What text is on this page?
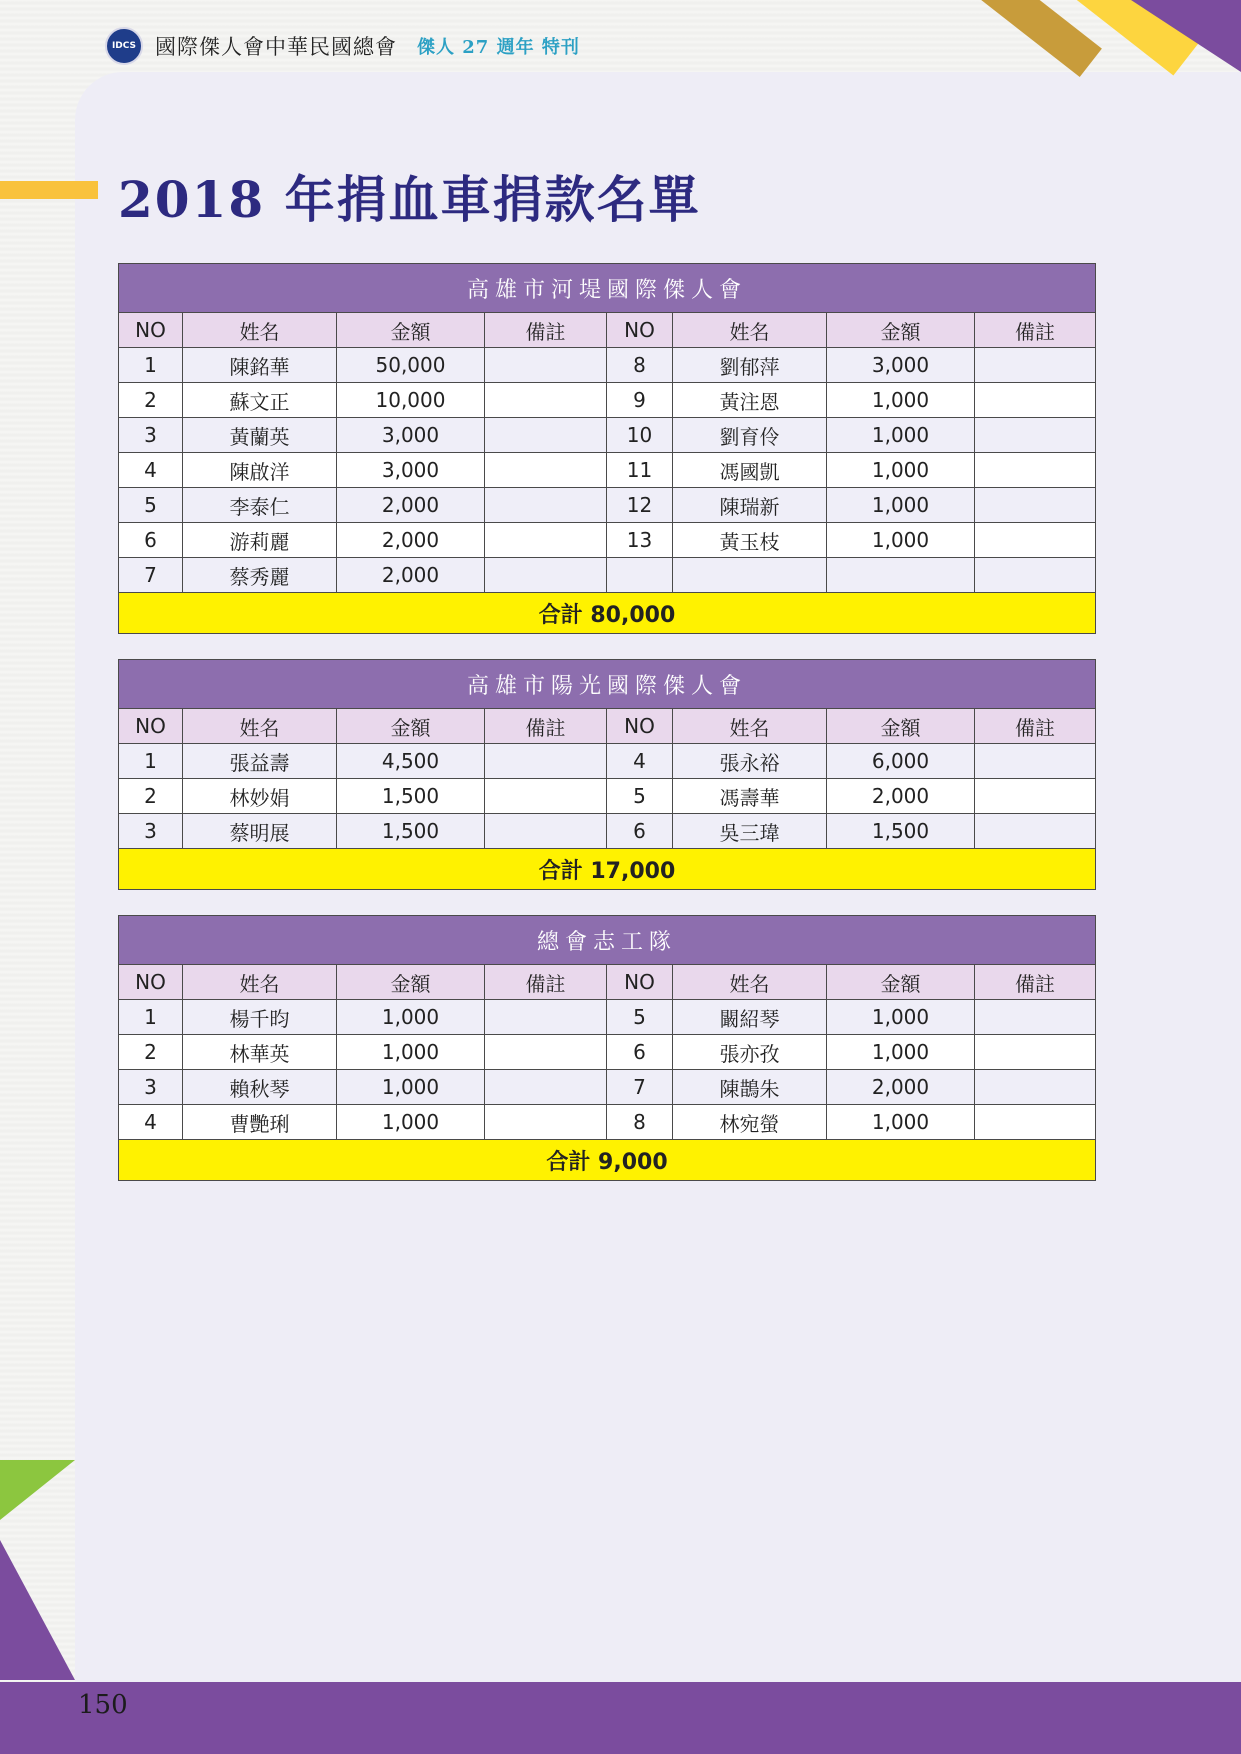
IDCS 國際傑人會中華民國總會 傑人 27 週年 特刊
2018 年捐血車捐款名單
高雄市河堤國際傑人會							
NO	姓名	金額	備註	NO	姓名	金額	備註
1	陳銘華	50,000		8	劉郁萍	3,000	
2	蘇文正	10,000		9	黃注恩	1,000	
3	黃蘭英	3,000		10	劉育伶	1,000	
4	陳啟洋	3,000		11	馮國凱	1,000	
5	李泰仁	2,000		12	陳瑞新	1,000	
6	游莉麗	2,000		13	黃玉枝	1,000	
7	蔡秀麗	2,000					
合計 80,000							
高雄市陽光國際傑人會							
NO	姓名	金額	備註	NO	姓名	金額	備註
1	張益壽	4,500		4	張永裕	6,000	
2	林妙娟	1,500		5	馮壽華	2,000	
3	蔡明展	1,500		6	吳三瑋	1,500	
合計 17,000							
總會志工隊							
NO	姓名	金額	備註	NO	姓名	金額	備註
1	楊千昀	1,000		5	闞紹琴	1,000	
2	林華英	1,000		6	張亦孜	1,000	
3	賴秋琴	1,000		7	陳鵲朱	2,000	
4	曹艷琍	1,000		8	林宛螢	1,000	
合計 9,000							
150
